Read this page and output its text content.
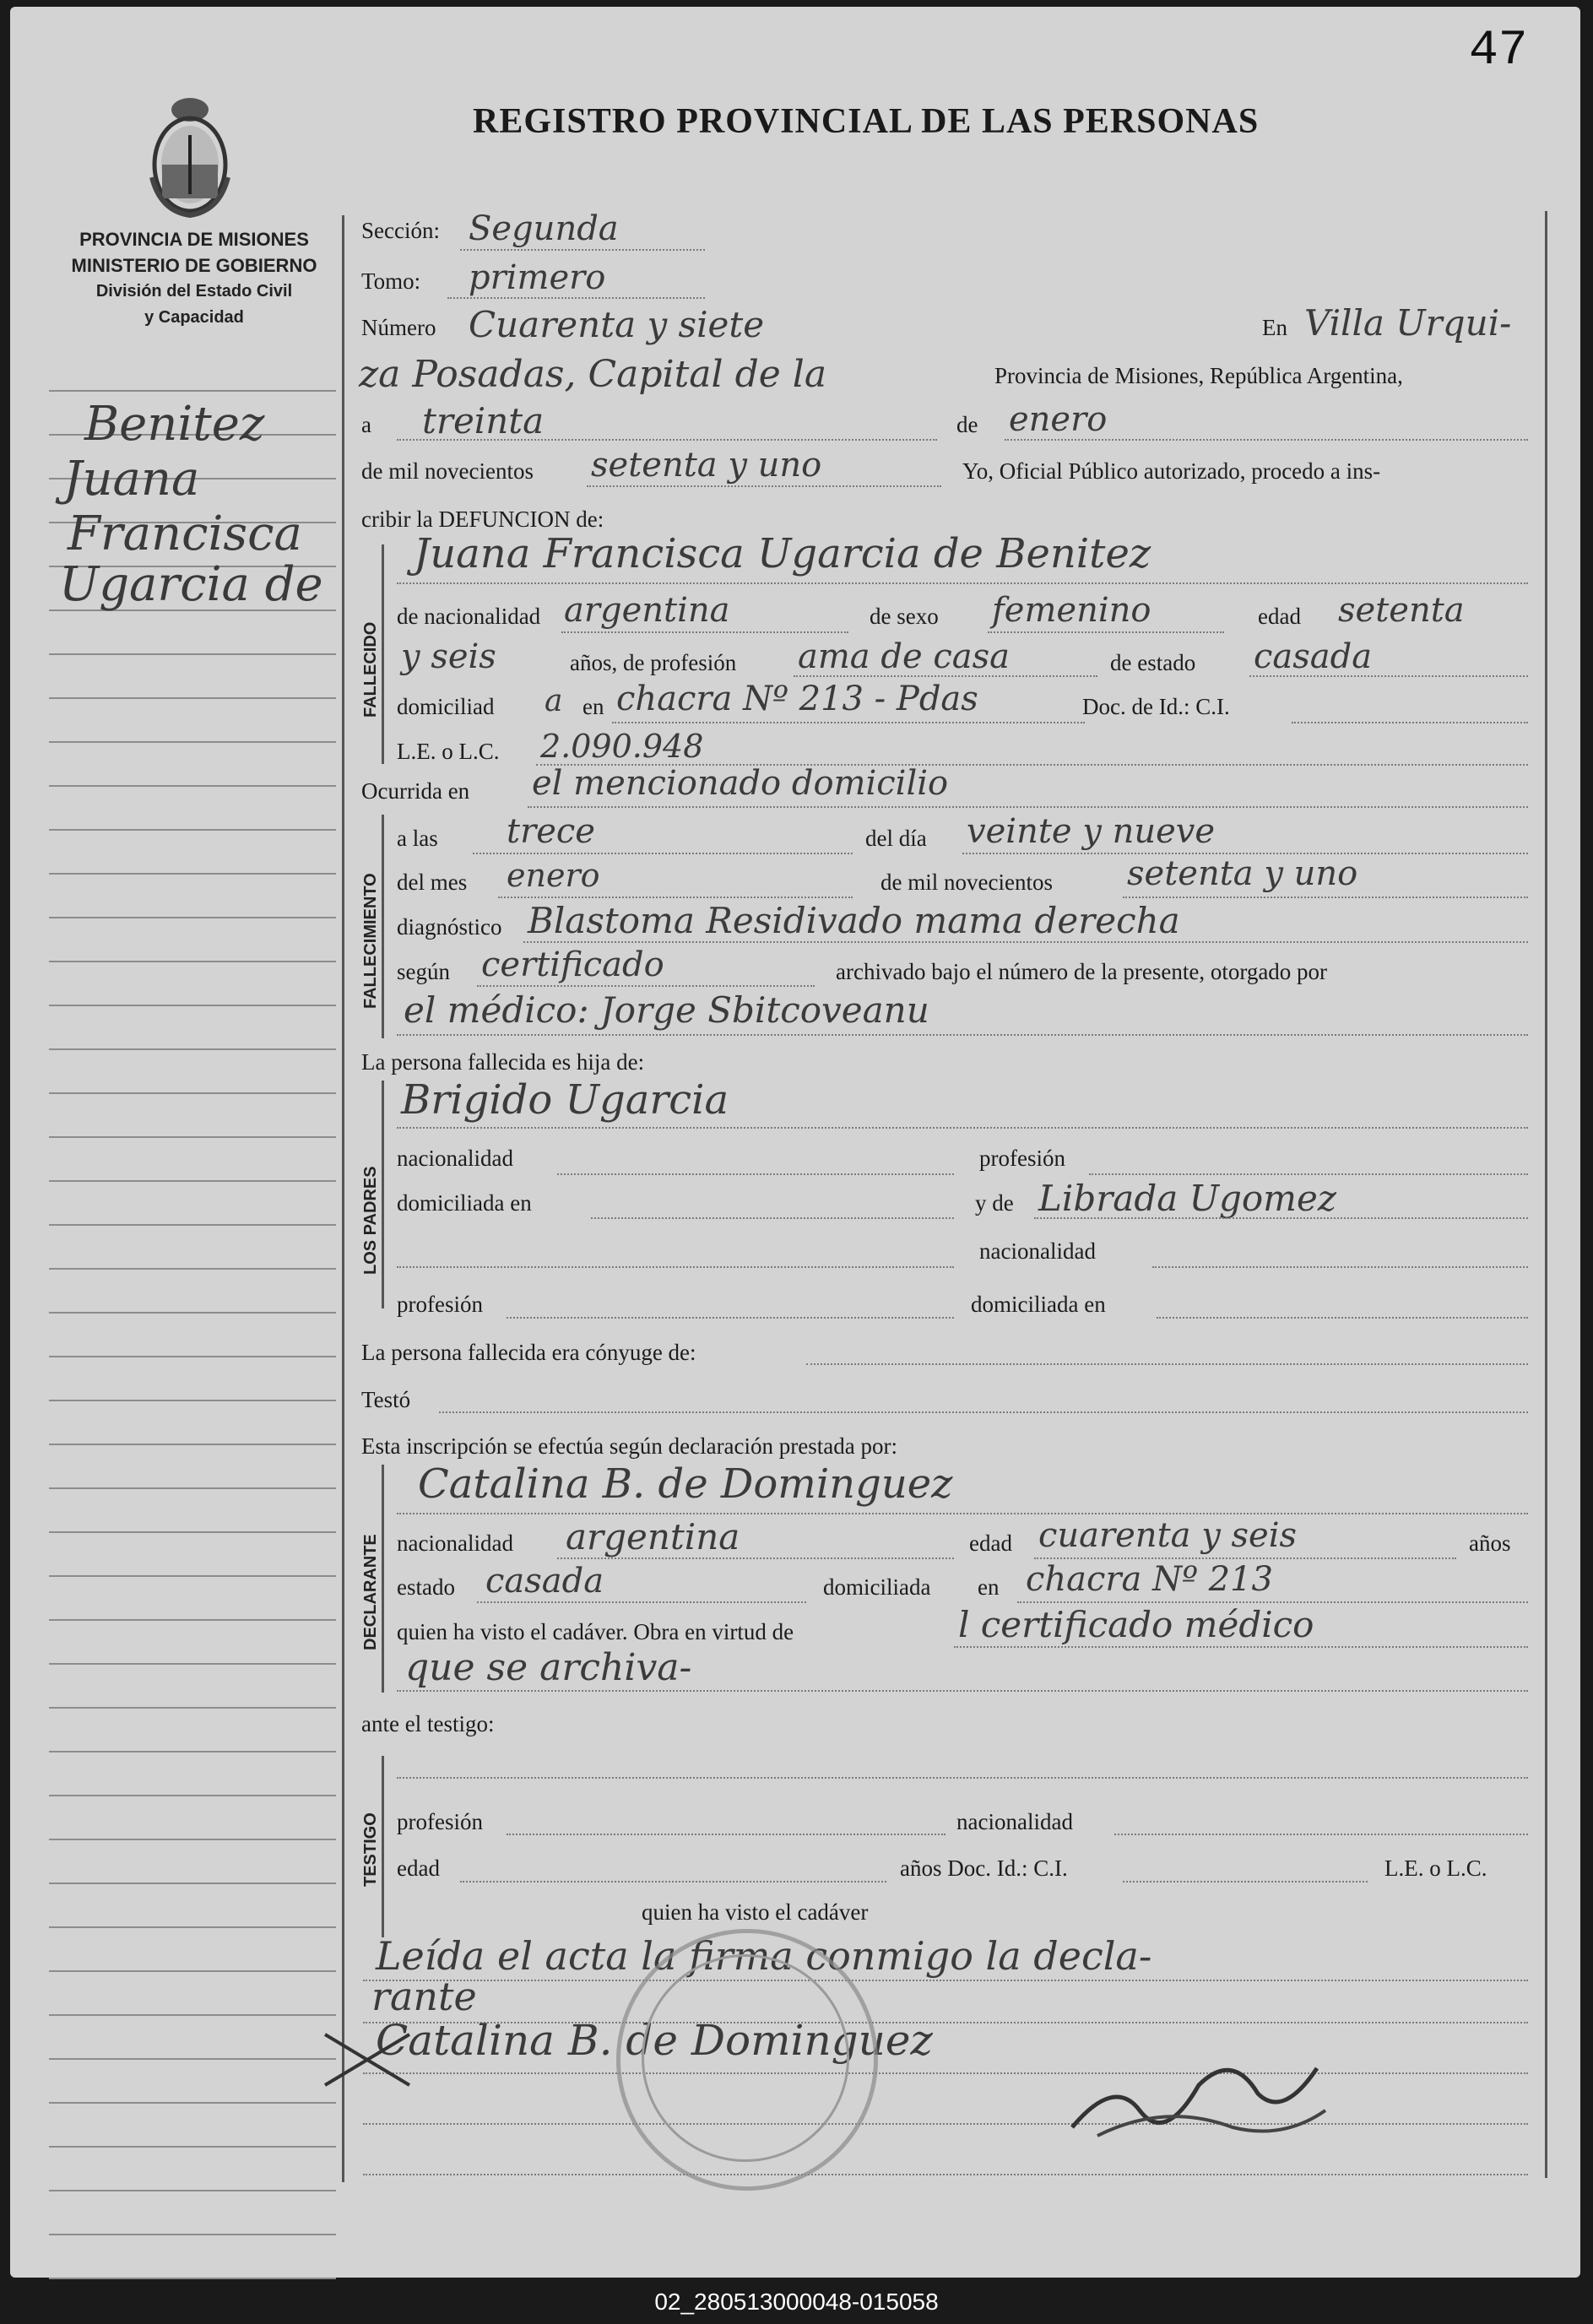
47
REGISTRO PROVINCIAL DE LAS PERSONAS
PROVINCIA DE MISIONES
MINISTERIO DE GOBIERNO
División del Estado Civil
y Capacidad
Benitez
Juana
Francisca
Ugarcia de
Sección: Segunda
Tomo: primero
Número Cuarenta y siete	En Villa Urqui-
za Posadas, Capital de la	Provincia de Misiones, República Argentina,
a treinta	de enero
de mil novecientos setenta y uno	Yo, Oficial Público autorizado, procedo a ins-
cribir la DEFUNCION de:
FALLECIDO
Juana Francisca Ugarcia de Benitez
de nacionalidad argentina	de sexo femenino	edad setenta
y seis	años, de profesión ama de casa	de estado casada
domiciliad a en chacra Nº 213 - Pdas	Doc. de Id.: C.I.
L.E. o L.C. 2.090.948
Ocurrida en el mencionado domicilio
FALLECIMIENTO
a las trece	del día veinte y nueve
del mes enero	de mil novecientos setenta y uno
diagnóstico Blastoma Residivado mama derecha
según certificado	archivado bajo el número de la presente, otorgado por
el médico: Jorge Sbitcoveanu
La persona fallecida es hija de:
LOS PADRES
Brigido Ugarcia
nacionalidad	profesión
domiciliada en	y de Librada Ugomez
nacionalidad
profesión	domiciliada en
La persona fallecida era cónyuge de:
Testó
Esta inscripción se efectúa según declaración prestada por:
DECLARANTE
Catalina B. de Dominguez
nacionalidad argentina	edad cuarenta y seis	años
estado casada	domiciliada en chacra Nº 213
quien ha visto el cadáver. Obra en virtud de	l certificado médico
que se archiva-
ante el testigo:
TESTIGO profesión	nacionalidad
edad	años Doc. Id.: C.I.	L.E. o L.C.
quien ha visto el cadáver
Leída el acta la firma conmigo la decla-
rante
Catalina B. de Dominguez
02_280513000048-015058
